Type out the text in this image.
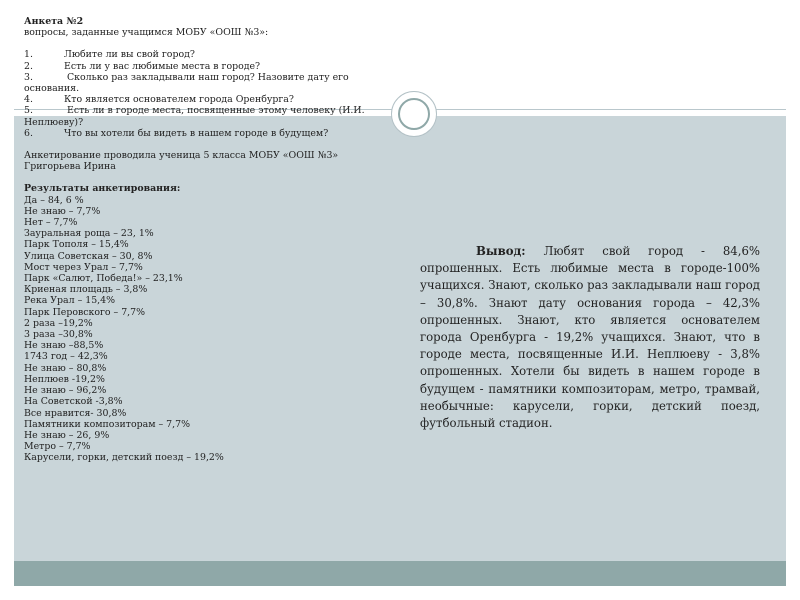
Анкета №2

вопросы, заданные учащимся МОБУ «ООШ №3»:

1.	Любите ли вы свой город?
2.	Есть ли у вас любимые места в городе?
3.	Сколько раз закладывали наш город? Назовите дату его основания.
4.	Кто является основателем города Оренбурга?
5.	Есть ли в городе места, посвященные этому человеку (И.И. Неплюеву)?
6.	Что вы хотели бы видеть в нашем городе в будущем?

Анкетирование проводила ученица 5 класса МОБУ «ООШ №3»

Григорьева Ирина

Результаты анкетирования:

Да – 84, 6 %

Не знаю – 7,7%

Нет – 7,7%

Зауральная роща – 23, 1%

Парк Тополя – 15,4%

Улица Советская – 30, 8%

Мост через Урал – 7,7%

Парк «Салют, Победа!» – 23,1%

Криеная площадь – 3,8%

Река Урал – 15,4%

Парк Перовского – 7,7%

2 раза –19,2%

3 раза –30,8%

Не знаю –88,5%

1743 год – 42,3%

Не знаю – 80,8%

Неплюев -19,2%

Не знаю – 96,2%

На Советской -3,8%

Все нравится- 30,8%

Памятники композиторам – 7,7%

Не знаю – 26, 9%

Метро – 7,7%

Карусели, горки, детский поезд – 19,2%

Вывод: Любят свой город - 84,6% опрошенных. Есть любимые места в городе-100% учащихся. Знают, сколько раз закладывали наш город – 30,8%. Знают дату основания города – 42,3% опрошенных. Знают, кто является основателем города Оренбурга - 19,2% учащихся. Знают, что в городе места, посвященные И.И. Неплюеву - 3,8% опрошенных. Хотели бы видеть в нашем городе в будущем - памятники композиторам, метро, трамвай, необычные: карусели, горки, детский поезд, футбольный стадион.
